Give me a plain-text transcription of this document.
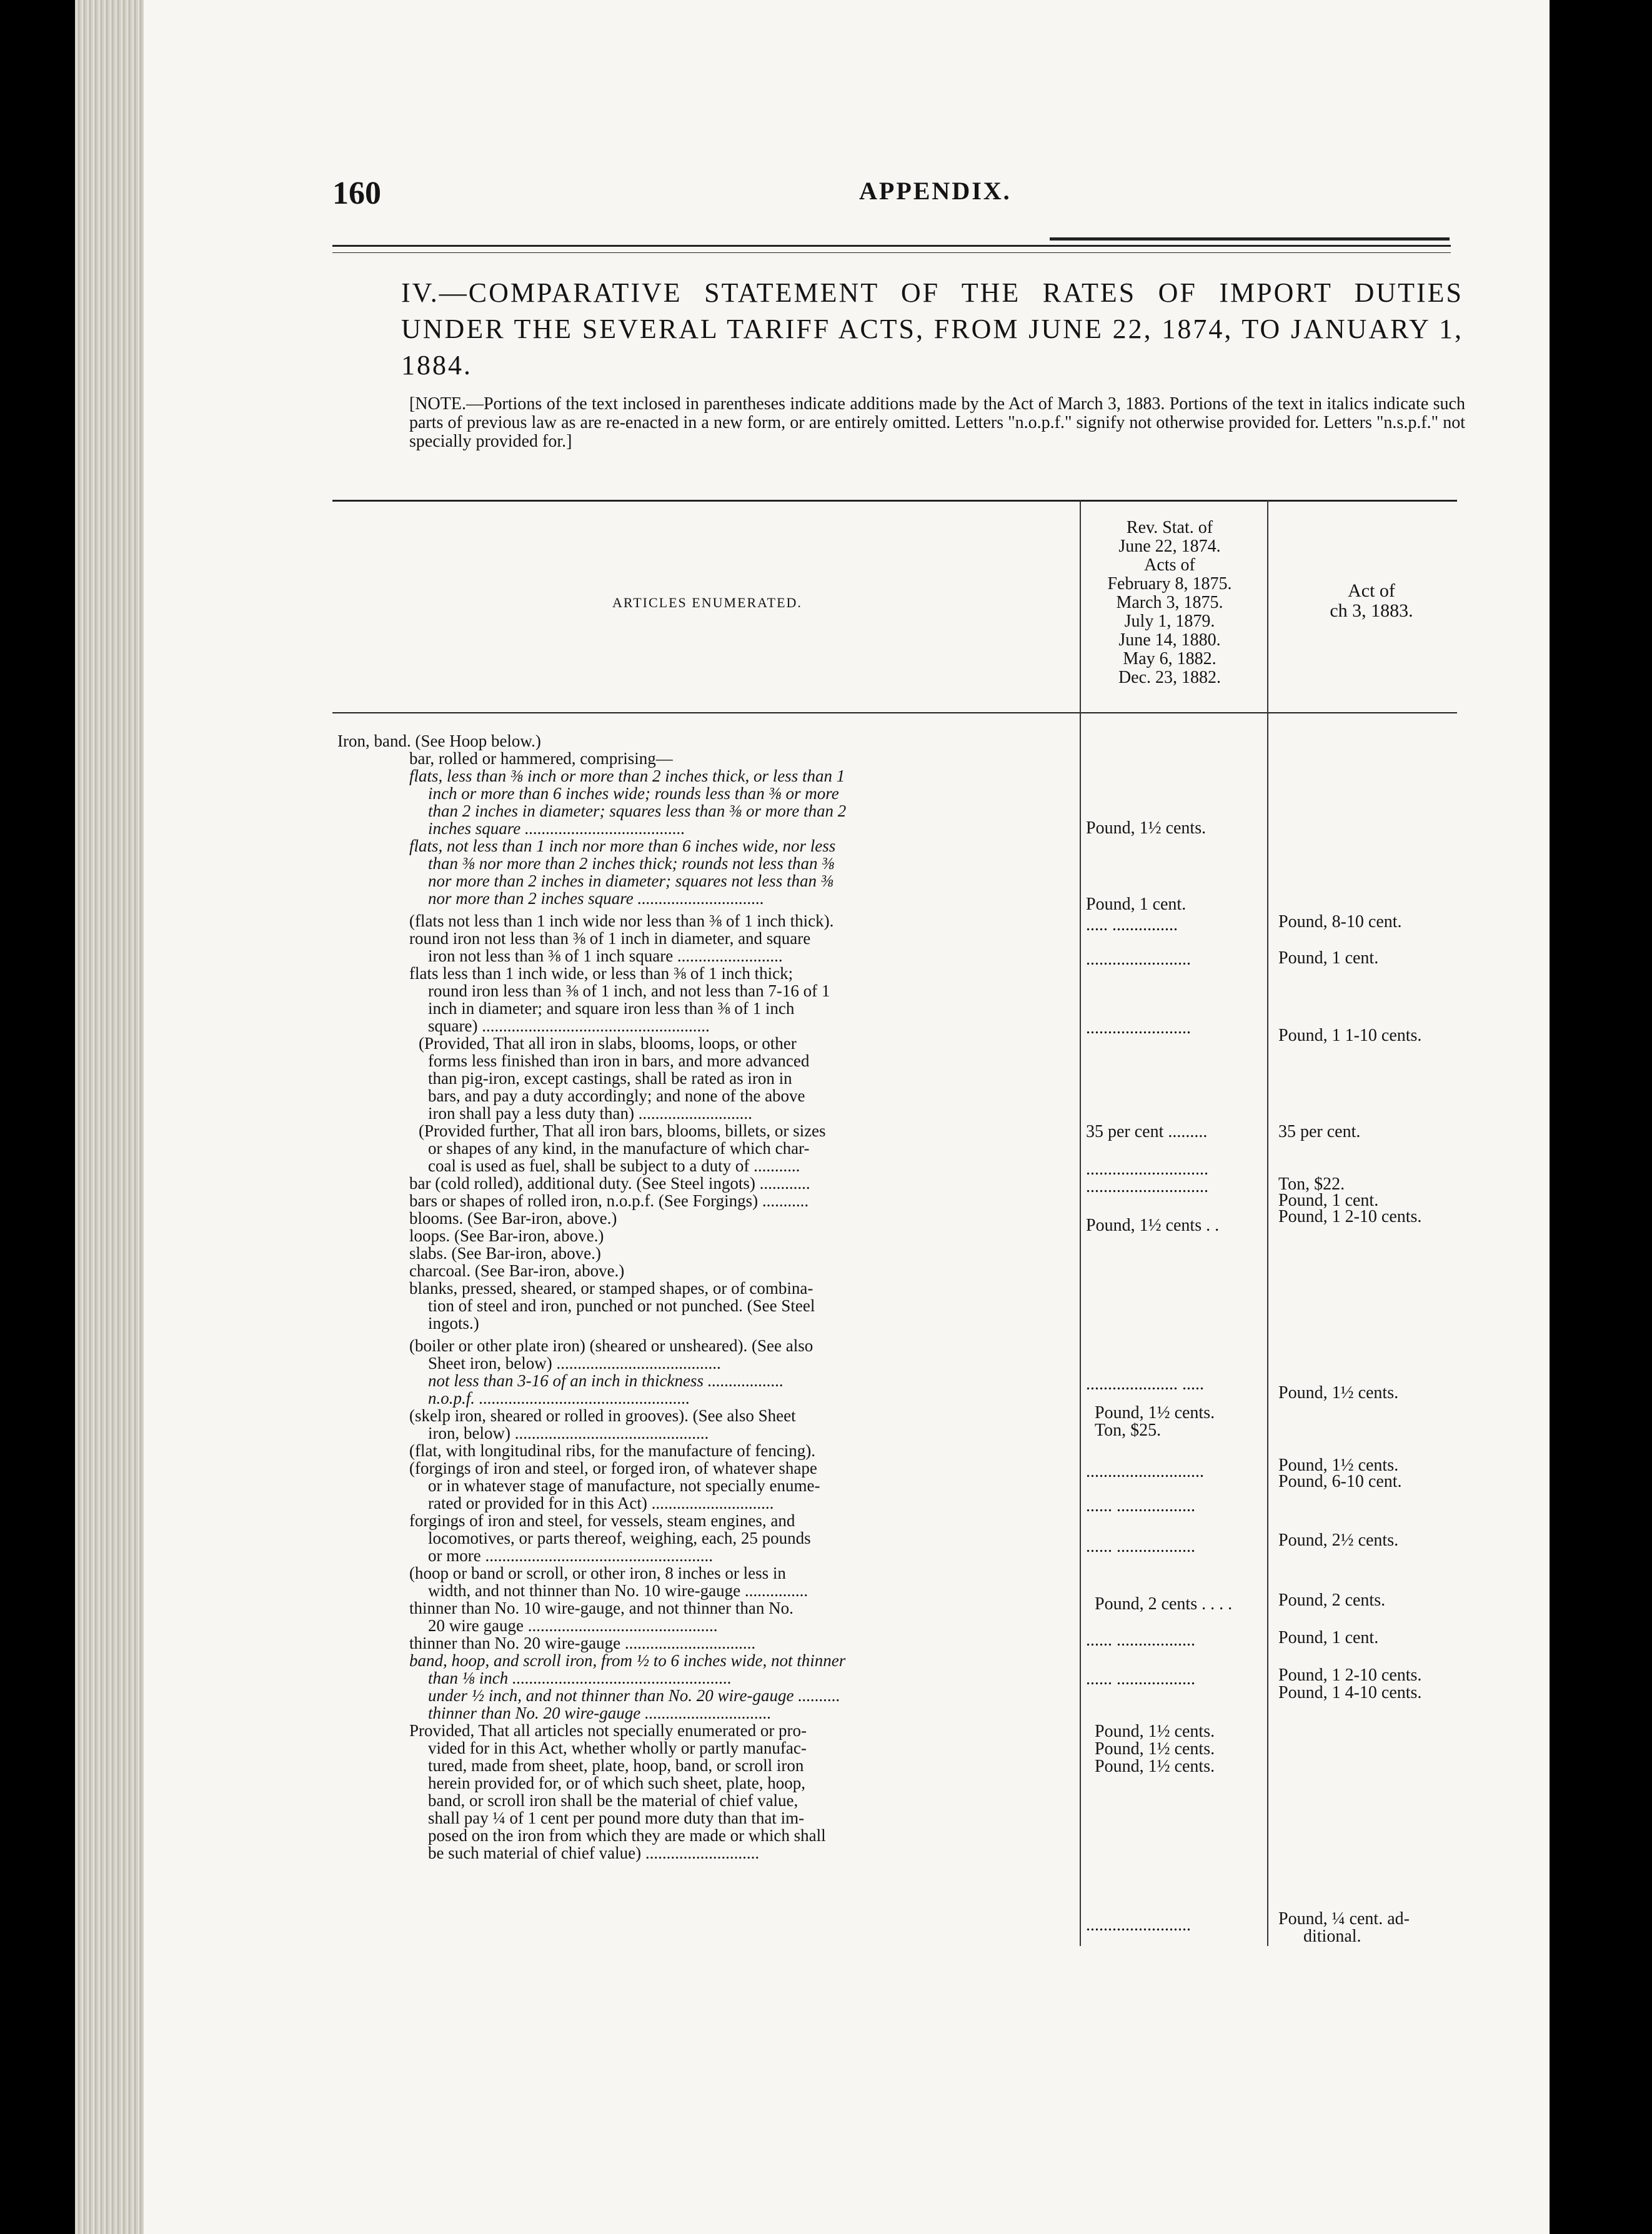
160	APPENDIX.
IV.—COMPARATIVE STATEMENT OF THE RATES OF IMPORT DUTIES UNDER THE SEVERAL TARIFF ACTS, FROM JUNE 22, 1874, TO JANUARY 1, 1884.
[NOTE.—Portions of the text inclosed in parentheses indicate additions made by the Act of March 3, 1883. Portions of the text in italics indicate such parts of previous law as are re-enacted in a new form, or are entirely omitted. Letters "n.o.p.f." signify not otherwise provided for. Letters "n.s.p.f." not specially provided for.]
ARTICLES ENUMERATED.
Rev. Stat. of
June 22, 1874.
Acts of
February 8, 1875.
March 3, 1875.
July 1, 1879.
June 14, 1880.
May 6, 1882.
Dec. 23, 1882.
Act of
ch 3, 1883.
Iron, band. (See Hoop below.)
bar, rolled or hammered, comprising—
flats, less than ⅜ inch or more than 2 inches thick, or less than 1
inch or more than 6 inches wide; rounds less than ⅜ or more
than 2 inches in diameter; squares less than ⅜ or more than 2
inches square ......................................
flats, not less than 1 inch nor more than 6 inches wide, nor less
than ⅜ nor more than 2 inches thick; rounds not less than ⅜
nor more than 2 inches in diameter; squares not less than ⅜
nor more than 2 inches square ..............................
(flats not less than 1 inch wide nor less than ⅜ of 1 inch thick).
round iron not less than ⅜ of 1 inch in diameter, and square
iron not less than ⅜ of 1 inch square .........................
flats less than 1 inch wide, or less than ⅜ of 1 inch thick;
round iron less than ⅜ of 1 inch, and not less than 7-16 of 1
inch in diameter; and square iron less than ⅜ of 1 inch
square) ......................................................
(Provided, That all iron in slabs, blooms, loops, or other
forms less finished than iron in bars, and more advanced
than pig-iron, except castings, shall be rated as iron in
bars, and pay a duty accordingly; and none of the above
iron shall pay a less duty than) ...........................
(Provided further, That all iron bars, blooms, billets, or sizes
or shapes of any kind, in the manufacture of which char-
coal is used as fuel, shall be subject to a duty of ...........
bar (cold rolled), additional duty. (See Steel ingots) ............
bars or shapes of rolled iron, n.o.p.f. (See Forgings) ...........
blooms. (See Bar-iron, above.)
loops. (See Bar-iron, above.)
slabs. (See Bar-iron, above.)
charcoal. (See Bar-iron, above.)
blanks, pressed, sheared, or stamped shapes, or of combina-
tion of steel and iron, punched or not punched. (See Steel
ingots.)
(boiler or other plate iron) (sheared or unsheared). (See also
Sheet iron, below) .......................................
not less than 3-16 of an inch in thickness ..................
n.o.p.f. ..................................................
(skelp iron, sheared or rolled in grooves). (See also Sheet
iron, below) ..............................................
(flat, with longitudinal ribs, for the manufacture of fencing).
(forgings of iron and steel, or forged iron, of whatever shape
or in whatever stage of manufacture, not specially enume-
rated or provided for in this Act) .............................
forgings of iron and steel, for vessels, steam engines, and
locomotives, or parts thereof, weighing, each, 25 pounds
or more ......................................................
(hoop or band or scroll, or other iron, 8 inches or less in
width, and not thinner than No. 10 wire-gauge ...............
thinner than No. 10 wire-gauge, and not thinner than No.
20 wire gauge .............................................
thinner than No. 20 wire-gauge ...............................
band, hoop, and scroll iron, from ½ to 6 inches wide, not thinner
than ⅛ inch ....................................................
under ½ inch, and not thinner than No. 20 wire-gauge ..........
thinner than No. 20 wire-gauge ..............................
Provided, That all articles not specially enumerated or pro-
vided for in this Act, whether wholly or partly manufac-
tured, made from sheet, plate, hoop, band, or scroll iron
herein provided for, or of which such sheet, plate, hoop,
band, or scroll iron shall be the material of chief value,
shall pay ¼ of 1 cent per pound more duty than that im-
posed on the iron from which they are made or which shall
be such material of chief value) ...........................
Pound, 1½ cents.
Pound, 1 cent.
..... ...............
........................
........................
35 per cent .........
............................
............................
Pound, 1½ cents . .
..................... .....
Pound, 1½ cents.
Ton, $25.
...........................
...... ..................
...... ..................
Pound, 2 cents . . . .
...... ..................
...... ..................
Pound, 1½ cents.
Pound, 1½ cents.
Pound, 1½ cents.
........................
Pound, 8-10 cent.
Pound, 1 cent.
Pound, 1 1-10 cents.
35 per cent.
Ton, $22.
Pound, 1 cent.
Pound, 1 2-10 cents.
Pound, 1½ cents.
Pound, 1½ cents.
Pound, 6-10 cent.
Pound, 2½ cents.
Pound, 2 cents.
Pound, 1 cent.
Pound, 1 2-10 cents.
Pound, 1 4-10 cents.
Pound, ¼ cent. ad-
ditional.
